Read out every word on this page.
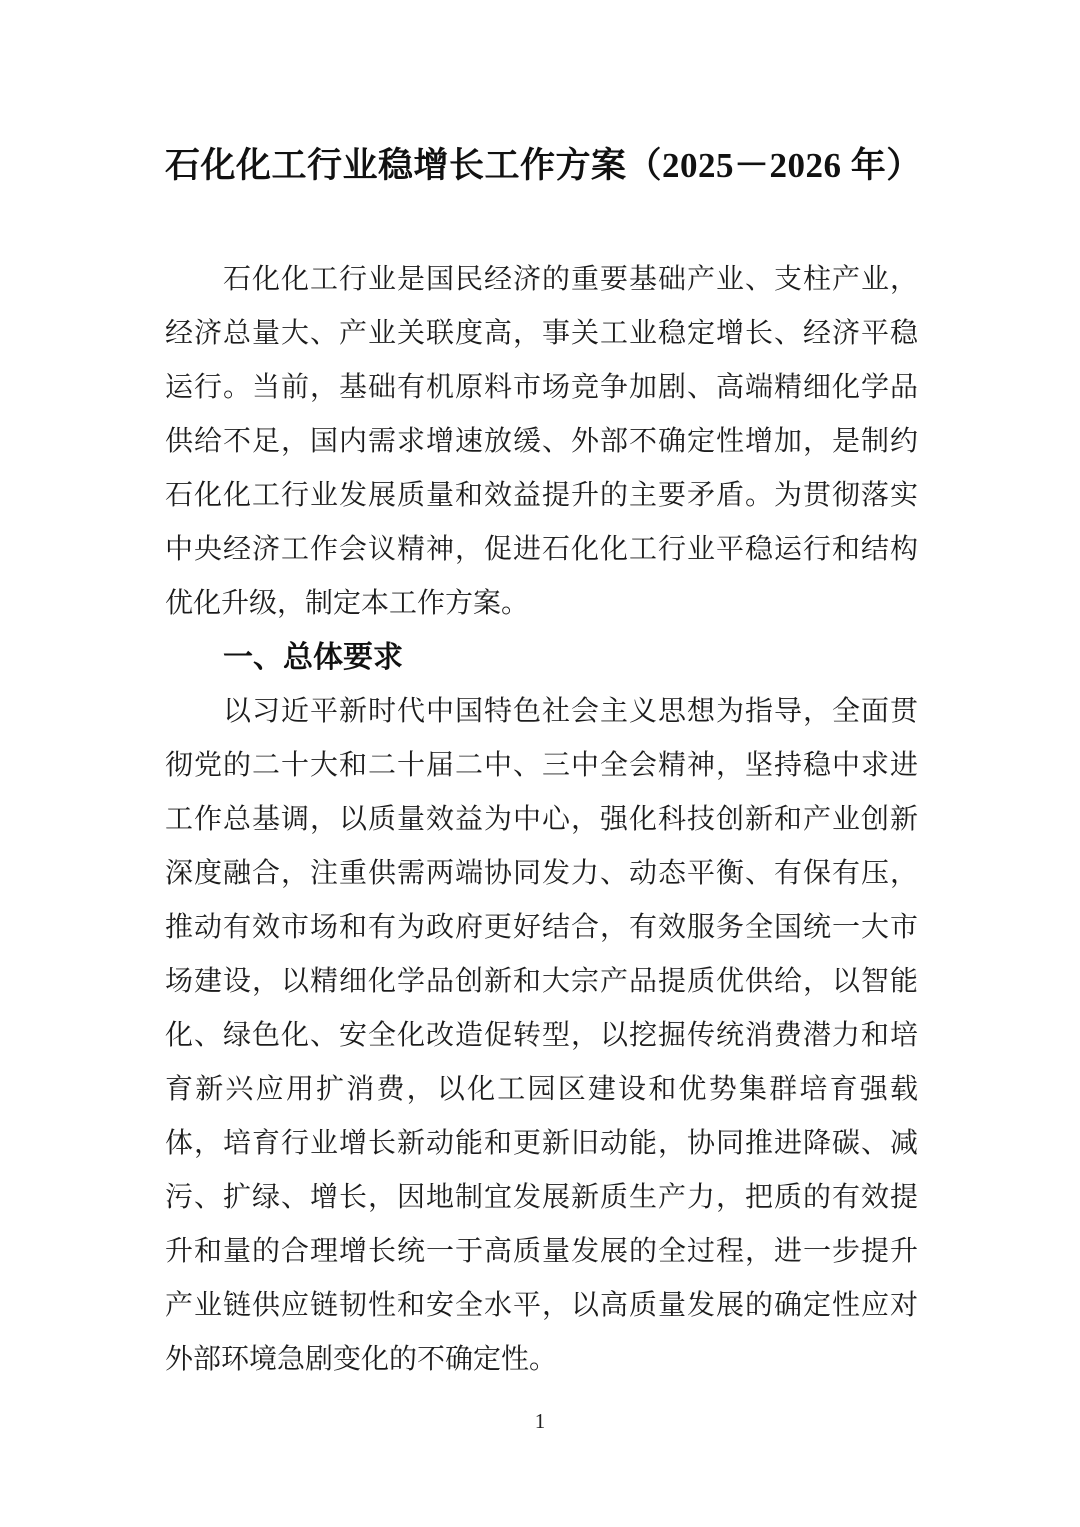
石化化工行业稳增长工作方案（2025－2026 年）
石化化工行业是国民经济的重要基础产业、支柱产业，
经济总量大、产业关联度高，事关工业稳定增长、经济平稳
运行。当前，基础有机原料市场竞争加剧、高端精细化学品
供给不足，国内需求增速放缓、外部不确定性增加，是制约
石化化工行业发展质量和效益提升的主要矛盾。为贯彻落实
中央经济工作会议精神，促进石化化工行业平稳运行和结构
优化升级，制定本工作方案。
一、总体要求
以习近平新时代中国特色社会主义思想为指导，全面贯
彻党的二十大和二十届二中、三中全会精神，坚持稳中求进
工作总基调，以质量效益为中心，强化科技创新和产业创新
深度融合，注重供需两端协同发力、动态平衡、有保有压，
推动有效市场和有为政府更好结合，有效服务全国统一大市
场建设，以精细化学品创新和大宗产品提质优供给，以智能
化、绿色化、安全化改造促转型，以挖掘传统消费潜力和培
育新兴应用扩消费，以化工园区建设和优势集群培育强载
体，培育行业增长新动能和更新旧动能，协同推进降碳、减
污、扩绿、增长，因地制宜发展新质生产力，把质的有效提
升和量的合理增长统一于高质量发展的全过程，进一步提升
产业链供应链韧性和安全水平，以高质量发展的确定性应对
外部环境急剧变化的不确定性。
1
